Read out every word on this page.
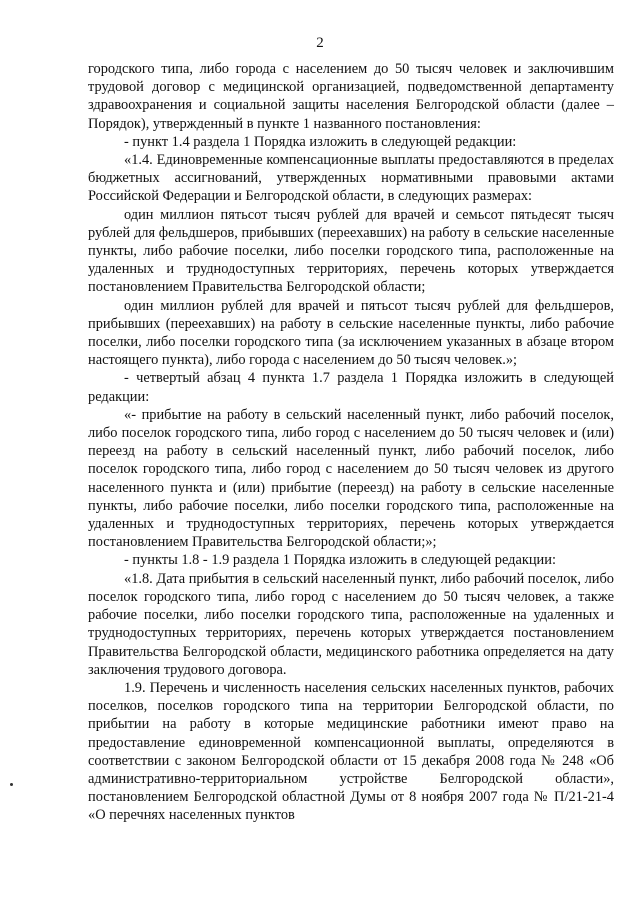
2

городского типа, либо города с населением до 50 тысяч человек и заключившим трудовой договор с медицинской организацией, подведомственной департаменту здравоохранения и социальной защиты населения Белгородской области (далее – Порядок), утвержденный в пункте 1 названного постановления:

- пункт 1.4 раздела 1 Порядка изложить в следующей редакции:

«1.4. Единовременные компенсационные выплаты предоставляются в пределах бюджетных ассигнований, утвержденных нормативными правовыми актами Российской Федерации и Белгородской области, в следующих размерах:

один миллион пятьсот тысяч рублей для врачей и семьсот пятьдесят тысяч рублей для фельдшеров, прибывших (переехавших) на работу в сельские населенные пункты, либо рабочие поселки, либо поселки городского типа, расположенные на удаленных и труднодоступных территориях, перечень которых утверждается постановлением Правительства Белгородской области;

один миллион рублей для врачей и пятьсот тысяч рублей для фельдшеров, прибывших (переехавших) на работу в сельские населенные пункты, либо рабочие поселки, либо поселки городского типа (за исключением указанных в абзаце втором настоящего пункта), либо города с населением до 50 тысяч человек.»;

- четвертый абзац 4 пункта 1.7 раздела 1 Порядка изложить в следующей редакции:

«- прибытие на работу в сельский населенный пункт, либо рабочий поселок, либо поселок городского типа, либо город с населением до 50 тысяч человек и (или) переезд на работу в сельский населенный пункт, либо рабочий поселок, либо поселок городского типа, либо город с населением до 50 тысяч человек из другого населенного пункта и (или) прибытие (переезд) на работу в сельские населенные пункты, либо рабочие поселки, либо поселки городского типа, расположенные на удаленных и труднодоступных территориях, перечень которых утверждается постановлением Правительства Белгородской области;»;

- пункты 1.8 - 1.9 раздела 1 Порядка изложить в следующей редакции:

«1.8. Дата прибытия в сельский населенный пункт, либо рабочий поселок, либо поселок городского типа, либо город с населением до 50 тысяч человек, а также рабочие поселки, либо поселки городского типа, расположенные на удаленных и труднодоступных территориях, перечень которых утверждается постановлением Правительства Белгородской области, медицинского работника определяется на дату заключения трудового договора.

1.9. Перечень и численность населения сельских населенных пунктов, рабочих поселков, поселков городского типа на территории Белгородской области, по прибытии на работу в которые медицинские работники имеют право на предоставление единовременной компенсационной выплаты, определяются в соответствии с законом Белгородской области от 15 декабря 2008 года № 248 «Об административно-территориальном устройстве Белгородской области», постановлением Белгородской областной Думы от 8 ноября 2007 года № П/21-21-4 «О перечнях населенных пунктов
